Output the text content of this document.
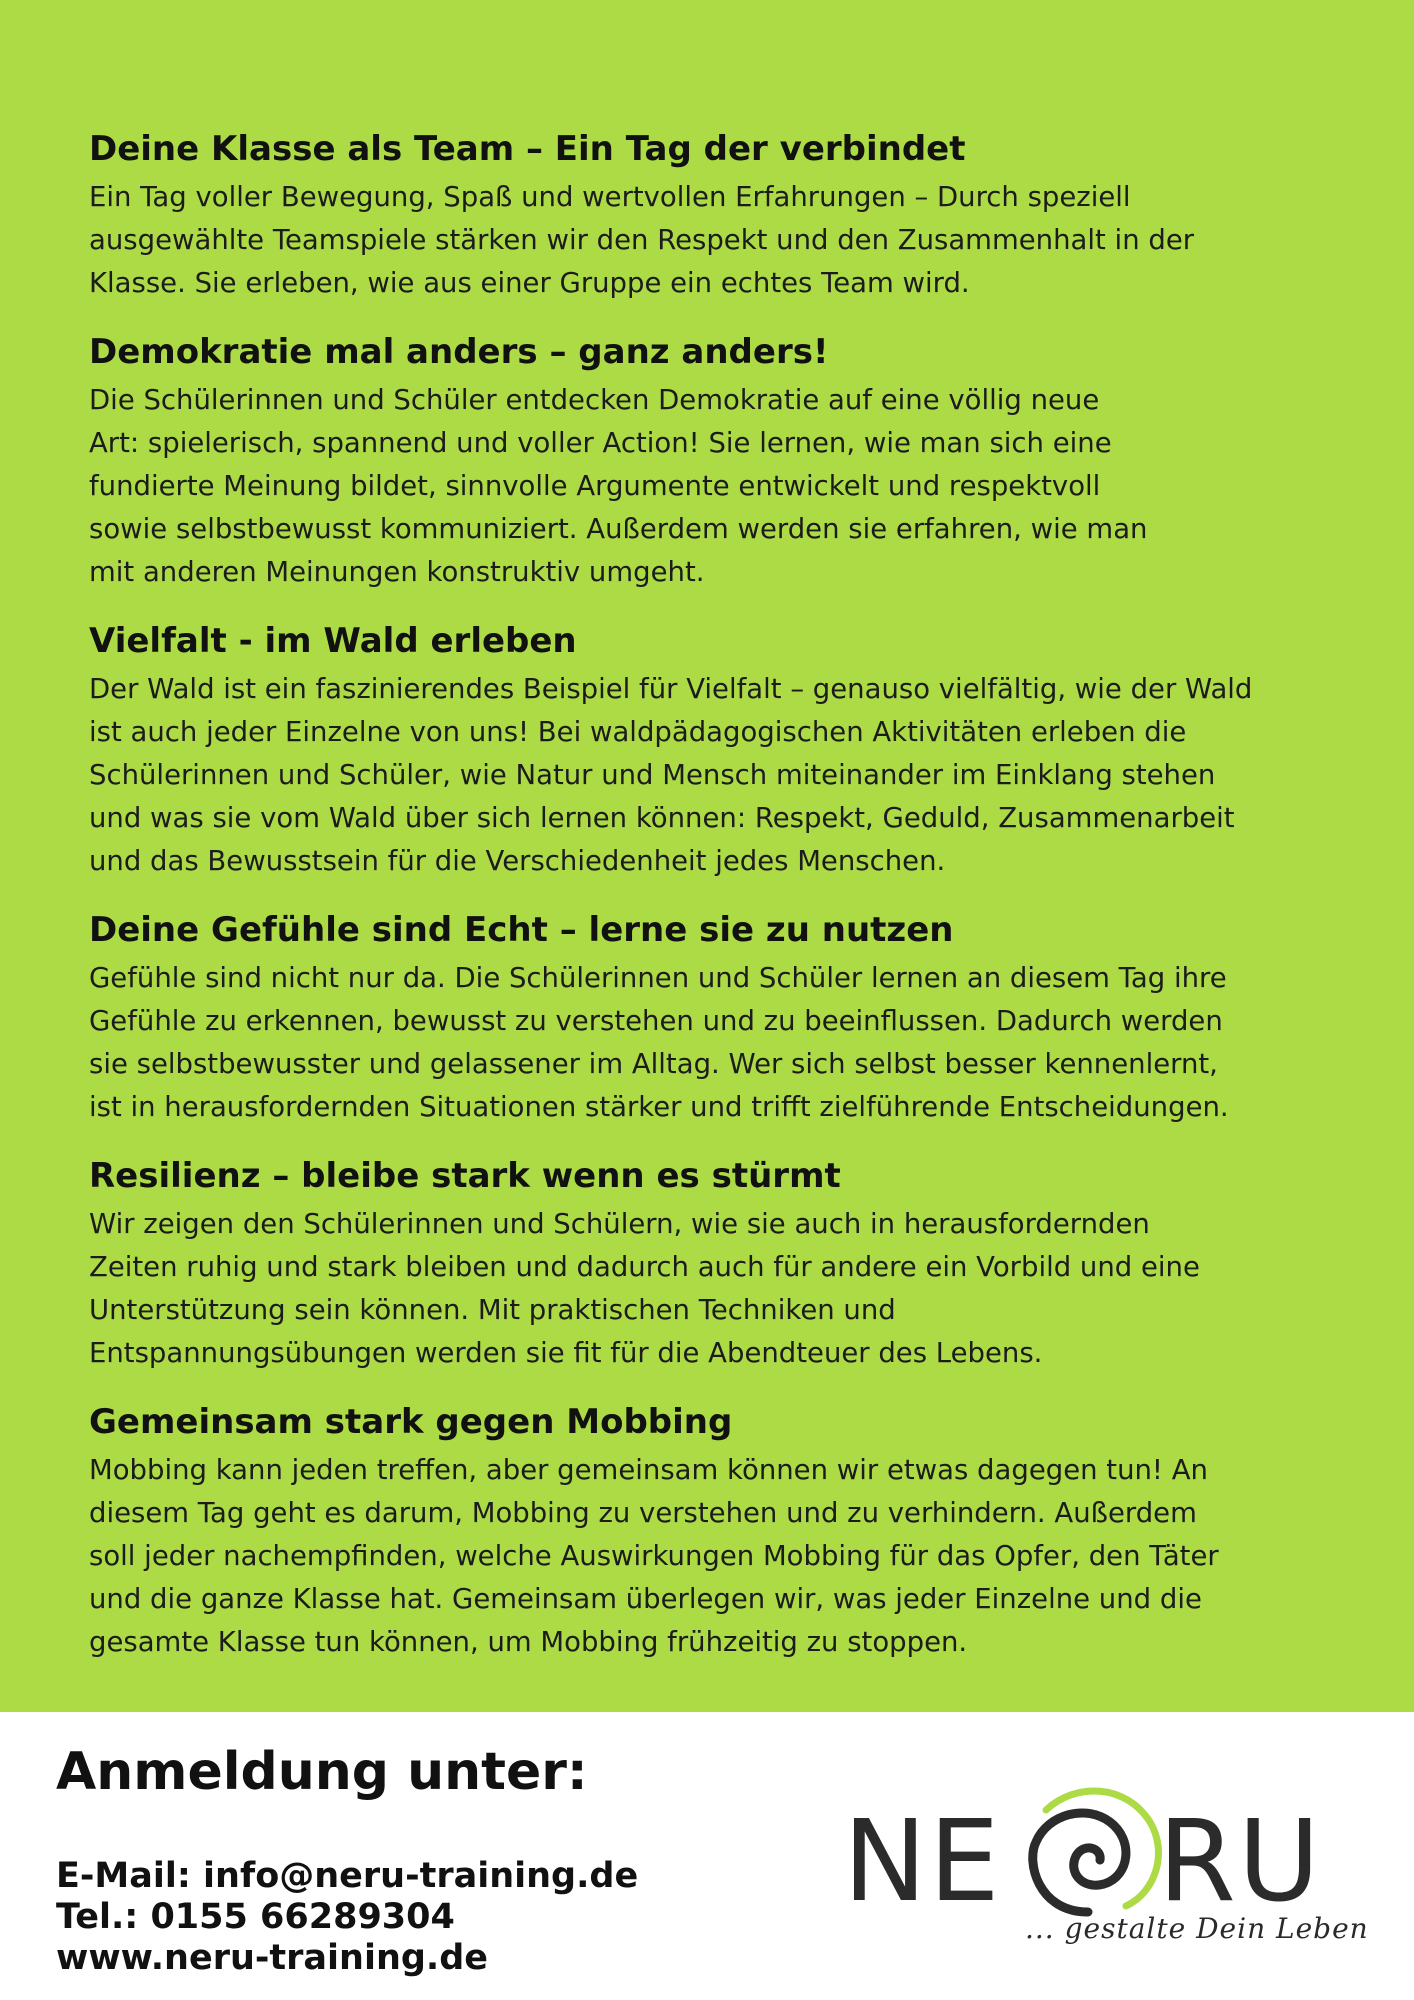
Deine Klasse als Team – Ein Tag der verbindet

Ein Tag voller Bewegung, Spaß und wertvollen Erfahrungen – Durch speziell
ausgewählte Teamspiele stärken wir den Respekt und den Zusammenhalt in der
Klasse. Sie erleben, wie aus einer Gruppe ein echtes Team wird.

Demokratie mal anders – ganz anders!

Die Schülerinnen und Schüler entdecken Demokratie auf eine völlig neue
Art: spielerisch, spannend und voller Action! Sie lernen, wie man sich eine
fundierte Meinung bildet, sinnvolle Argumente entwickelt und respektvoll
sowie selbstbewusst kommuniziert. Außerdem werden sie erfahren, wie man
mit anderen Meinungen konstruktiv umgeht.

Vielfalt - im Wald erleben

Der Wald ist ein faszinierendes Beispiel für Vielfalt – genauso vielfältig, wie der Wald
ist auch jeder Einzelne von uns! Bei waldpädagogischen Aktivitäten erleben die
Schülerinnen und Schüler, wie Natur und Mensch miteinander im Einklang stehen
und was sie vom Wald über sich lernen können: Respekt, Geduld, Zusammenarbeit
und das Bewusstsein für die Verschiedenheit jedes Menschen.

Deine Gefühle sind Echt – lerne sie zu nutzen

Gefühle sind nicht nur da. Die Schülerinnen und Schüler lernen an diesem Tag ihre
Gefühle zu erkennen, bewusst zu verstehen und zu beeinflussen. Dadurch werden
sie selbstbewusster und gelassener im Alltag. Wer sich selbst besser kennenlernt,
ist in herausfordernden Situationen stärker und trifft zielführende Entscheidungen.

Resilienz – bleibe stark wenn es stürmt

Wir zeigen den Schülerinnen und Schülern, wie sie auch in herausfordernden
Zeiten ruhig und stark bleiben und dadurch auch für andere ein Vorbild und eine
Unterstützung sein können. Mit praktischen Techniken und
Entspannungsübungen werden sie fit für die Abendteuer des Lebens.

Gemeinsam stark gegen Mobbing

Mobbing kann jeden treffen, aber gemeinsam können wir etwas dagegen tun! An
diesem Tag geht es darum, Mobbing zu verstehen und zu verhindern. Außerdem
soll jeder nachempfinden, welche Auswirkungen Mobbing für das Opfer, den Täter
und die ganze Klasse hat. Gemeinsam überlegen wir, was jeder Einzelne und die
gesamte Klasse tun können, um Mobbing frühzeitig zu stoppen.

Anmeldung unter:
E-Mail: info@neru-training.de
Tel.: 0155 66289304
www.neru-training.de
NE RU
... gestalte Dein Leben
